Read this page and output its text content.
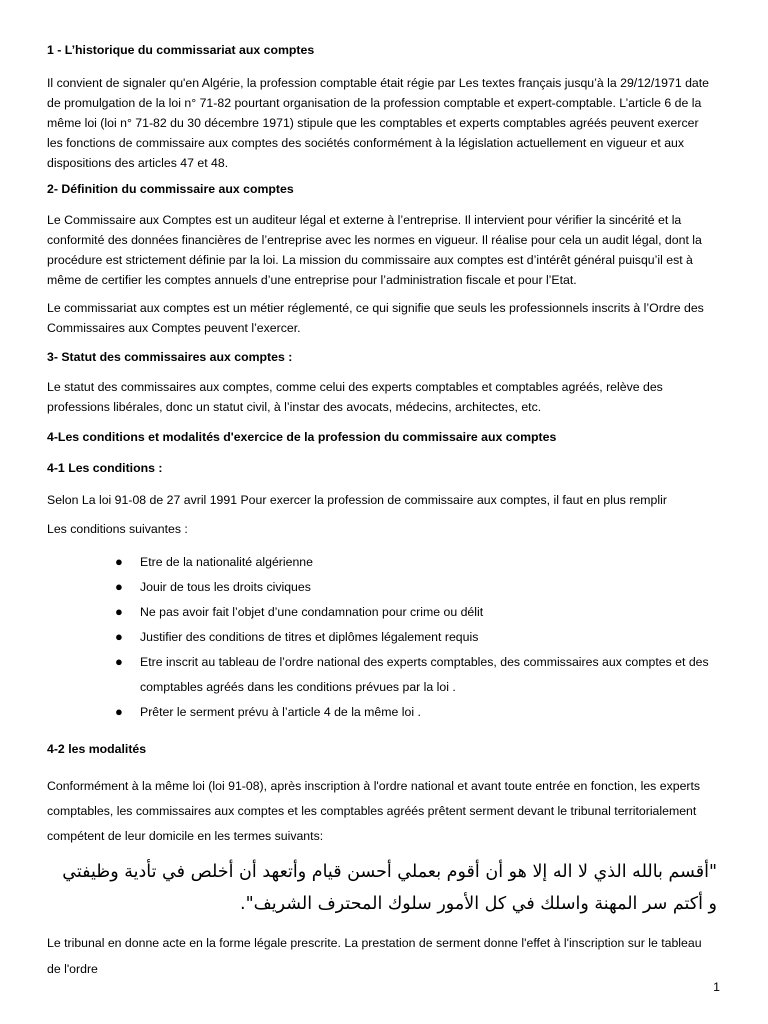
1 - L’historique du commissariat aux comptes
Il convient de signaler qu'en Algérie, la profession comptable était régie par Les textes français jusqu’à la 29/12/1971 date de promulgation de la loi n° 71-82 pourtant organisation de la profession comptable et expert-comptable. L’article 6 de la même loi (loi n° 71-82 du 30 décembre 1971) stipule que les comptables et experts comptables agréés peuvent exercer les fonctions de commissaire aux comptes des sociétés conformément à la législation actuellement en vigueur et aux dispositions des articles 47 et 48.
2- Définition du commissaire aux comptes
Le Commissaire aux Comptes est un auditeur légal et externe à l’entreprise. Il intervient pour vérifier la sincérité et la conformité des données financières de l’entreprise avec les normes en vigueur. Il réalise pour cela un audit légal, dont la procédure est strictement définie par la loi. La mission du commissaire aux comptes est d’intérêt général puisqu’il est à même de certifier les comptes annuels d’une entreprise pour l’administration fiscale et pour l’Etat.
Le commissariat aux comptes est un métier réglementé, ce qui signifie que seuls les professionnels inscrits à l’Ordre des Commissaires aux Comptes peuvent l’exercer.
3- Statut des commissaires aux comptes :
Le statut des commissaires aux comptes, comme celui des experts comptables et comptables agréés, relève des professions libérales, donc un statut civil, à l’instar des avocats, médecins, architectes, etc.
4-Les conditions et modalités d'exercice de la profession du commissaire aux comptes
4-1 Les conditions :
Selon La loi 91-08 de 27 avril 1991 Pour exercer la profession de commissaire aux comptes, il faut en plus remplir
Les conditions suivantes :
● Etre de la nationalité algérienne
● Jouir de tous les droits civiques
● Ne pas avoir fait l’objet d’une condamnation pour crime ou délit
● Justifier des conditions de titres et diplômes légalement requis
● Etre inscrit au tableau de l’ordre national des experts comptables, des commissaires aux comptes et des comptables agréés dans les conditions prévues par la loi .
● Prêter le serment prévu à l’article 4 de la même loi .
4-2 les modalités
Conformément à la même loi (loi 91-08), après inscription à l'ordre national et avant toute entrée en fonction, les experts comptables, les commissaires aux comptes et les comptables agréés prêtent serment devant le tribunal territorialement compétent de leur domicile en les termes suivants:
"أقسم بالله الذي لا اله إلا هو أن أقوم بعملي أحسن قيام وأتعهد أن أخلص في تأدية وظيفتي و أكتم سر المهنة واسلك في كل الأمور سلوك المحترف الشريف".
Le tribunal en donne acte en la forme légale prescrite. La prestation de serment donne l'effet à l'inscription sur le tableau de l'ordre
1
